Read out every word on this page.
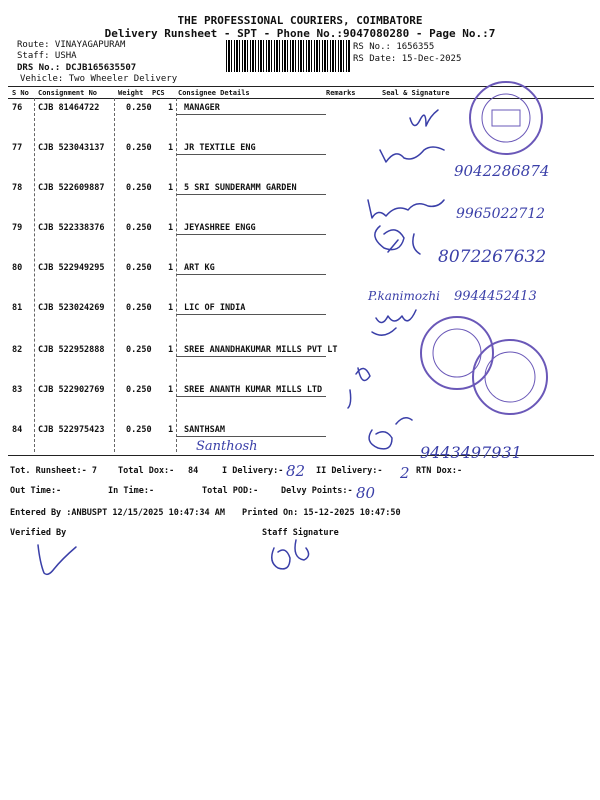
THE PROFESSIONAL COURIERS, COIMBATORE
Delivery Runsheet - SPT - Phone No.:9047080280 - Page No.:7
Route: VINAYAGAPURAM
Staff: USHA
DRS No.: DCJB165635507
Vehicle: Two Wheeler Delivery
RS No.: 1656355
RS Date: 15-Dec-2025
S No Consignment No	Weight PCS Consignee Details	Remarks	Seal & Signature
76 CJB 81464722	0.250 1 MANAGER
77 CJB 523043137	0.250 1 JR TEXTILE ENG
78 CJB 522609887	0.250 1 5 SRI SUNDERAMM GARDEN
79 CJB 522338376	0.250 1 JEYASHREE ENGG
80 CJB 522949295	0.250 1 ART KG
81 CJB 523024269	0.250 1 LIC OF INDIA
82 CJB 522952888	0.250 1 SREE ANANDHAKUMAR MILLS PVT LT
83 CJB 522902769	0.250 1 SREE ANANTH KUMAR MILLS LTD
84 CJB 522975423	0.250 1 SANTHSAM
Tot. Runsheet:- 7 Total Dox:- 84	I Delivery:-	II Delivery:-	RTN Dox:-
Out Time:-	In Time:-	Total POD:-	Delvy Points:-
Entered By :ANBUSPT 12/15/2025 10:47:34 AM Printed On: 15-12-2025 10:47:50
Verified By	Staff Signature
9042286874
9965022712
8072267632
P.kanimozhi 9944452413
Santhosh	9443497931
82	2
80
